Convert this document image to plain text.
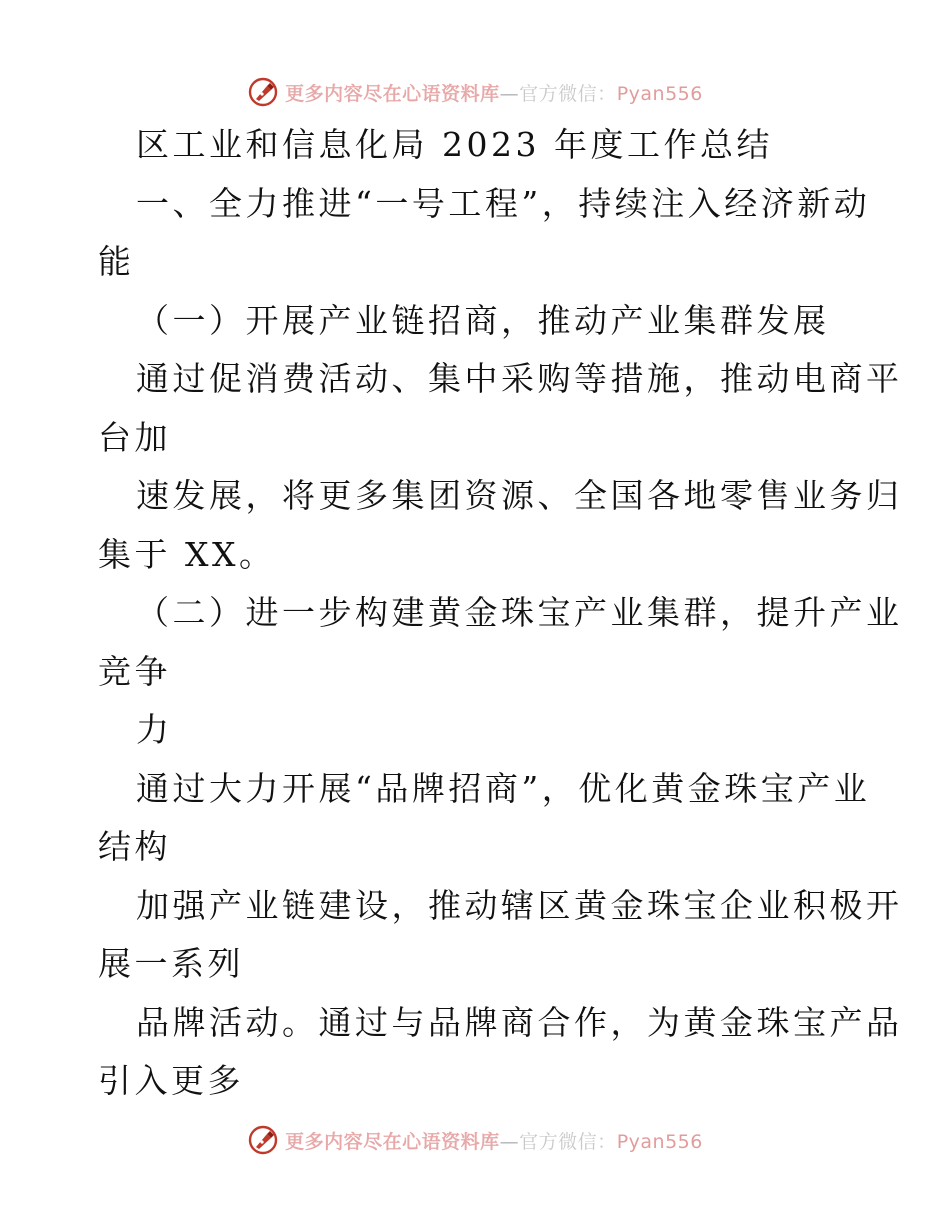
更多内容尽在心语资料库—官方微信：Pyan556
区工业和信息化局 2023 年度工作总结
一、全力推进“一号工程”，持续注入经济新动
能
（一）开展产业链招商，推动产业集群发展
通过促消费活动、集中采购等措施，推动电商平
台加
速发展，将更多集团资源、全国各地零售业务归
集于 XX。
（二）进一步构建黄金珠宝产业集群，提升产业
竞争
力
通过大力开展“品牌招商”，优化黄金珠宝产业
结构
加强产业链建设，推动辖区黄金珠宝企业积极开
展一系列
品牌活动。通过与品牌商合作，为黄金珠宝产品
引入更多
更多内容尽在心语资料库—官方微信：Pyan556
